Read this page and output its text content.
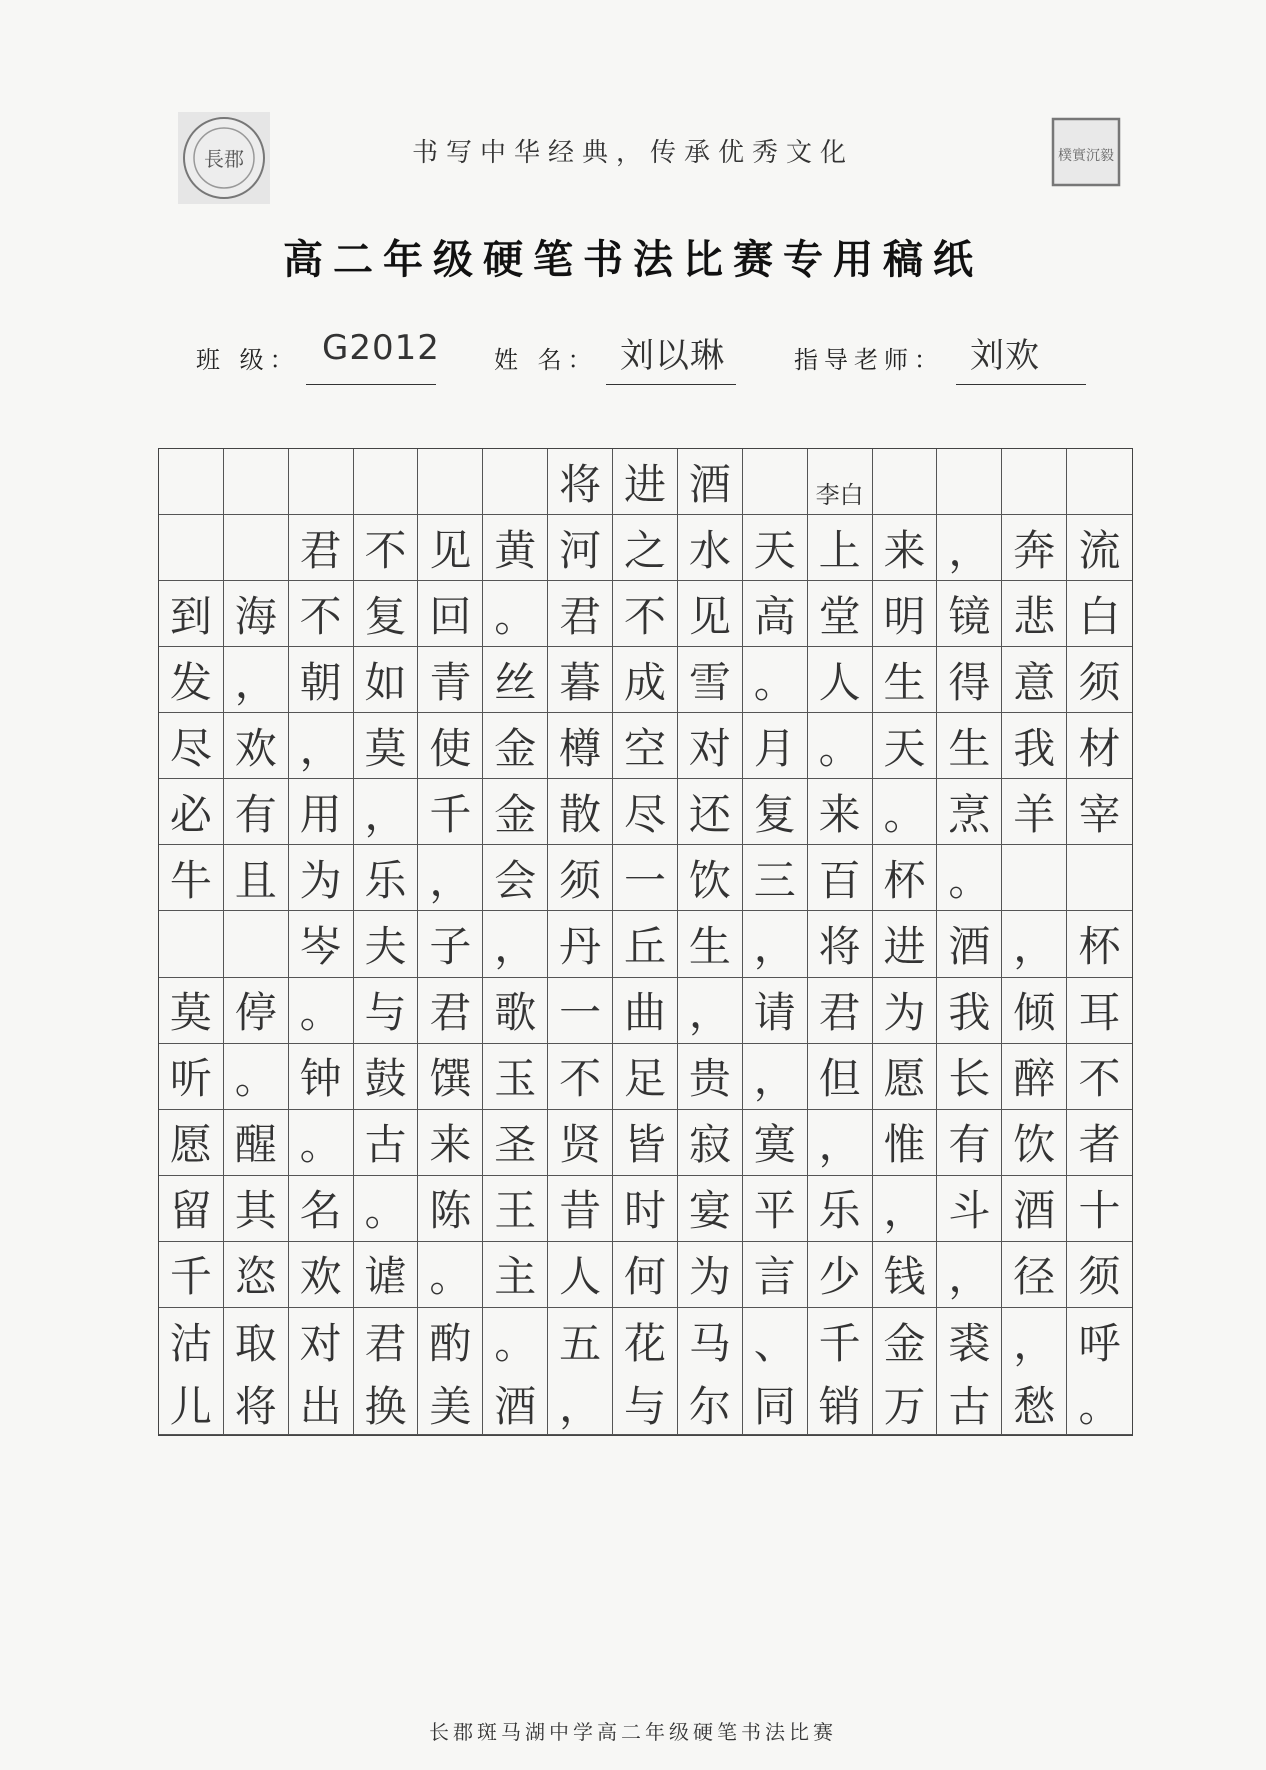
長郡	樸實沉毅
书写中华经典，传承优秀文化
高二年级硬笔书法比赛专用稿纸
班 级： G2012 姓 名： 刘以琳	指导老师： 刘欢
将 进 酒	李白
君 不 见 黄 河 之 水 天 上 来 ， 奔 流
到 海 不 复 回 。 君 不 见 高 堂 明 镜 悲 白
发 ， 朝 如 青 丝 暮 成 雪 。 人 生 得 意 须
尽 欢 ， 莫 使 金 樽 空 对 月 。 天 生 我 材
必 有 用 ， 千 金 散 尽 还 复 来 。 烹 羊 宰
牛 且 为 乐 ， 会 须 一 饮 三 百 杯 。
岑 夫 子 ， 丹 丘 生 ， 将 进 酒 ， 杯
莫 停 。 与 君 歌 一 曲 ， 请 君 为 我 倾 耳
听 。 钟 鼓 馔 玉 不 足 贵 ， 但 愿 长 醉 不
愿 醒 。 古 来 圣 贤 皆 寂 寞 ， 惟 有 饮 者
留 其 名 。 陈 王 昔 时 宴 平 乐 ， 斗 酒 十
千 恣 欢 谑 。 主 人 何 为 言 少 钱 ， 径 须
沽 取 对 君 酌 。 五 花 马 、 千 金 裘 ， 呼
儿 将 出 换 美 酒 ， 与 尔 同 销 万 古 愁 。
长郡斑马湖中学高二年级硬笔书法比赛
